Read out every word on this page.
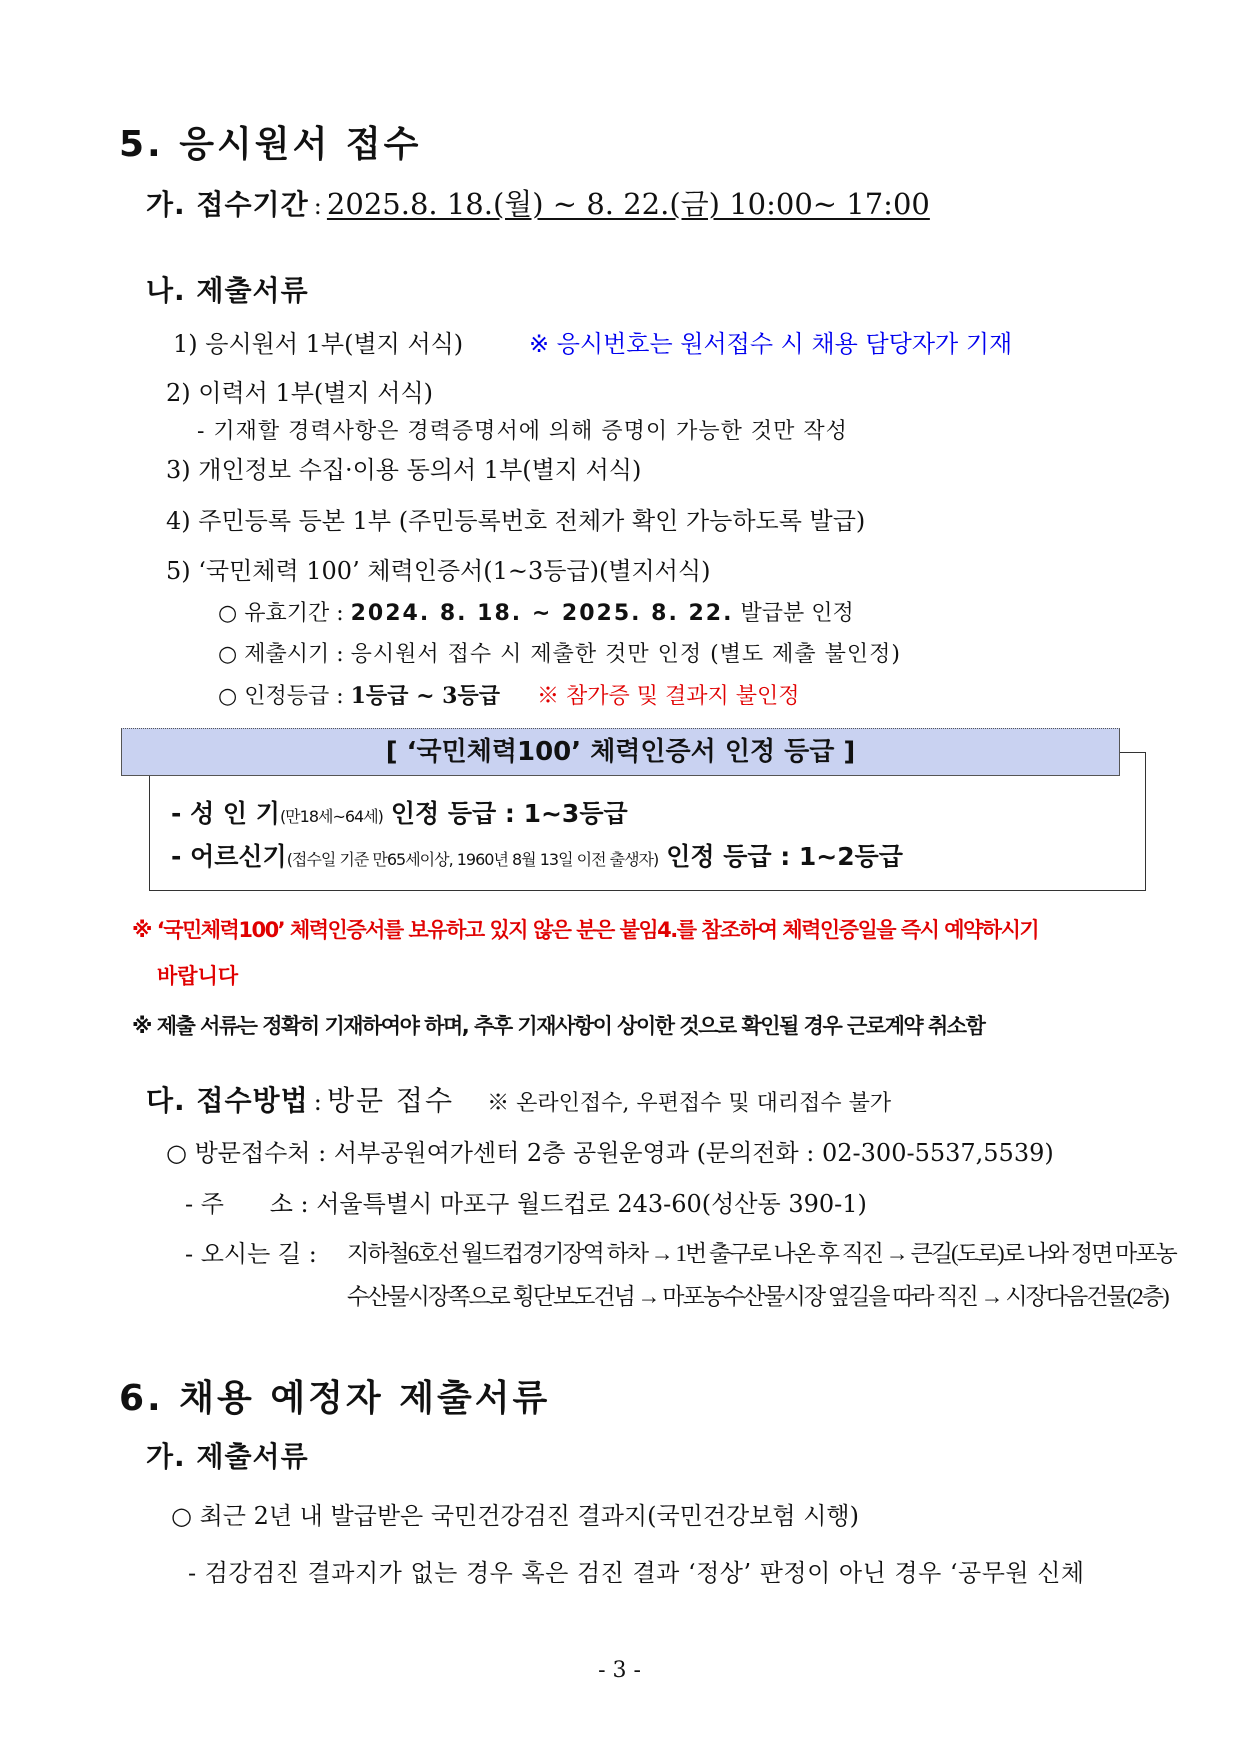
5. 응시원서 접수
가. 접수기간 : 2025.8. 18.(월) ~ 8. 22.(금) 10:00~ 17:00
나. 제출서류
1) 응시원서 1부(별지 서식)	※ 응시번호는 원서접수 시 채용 담당자가 기재
2) 이력서 1부(별지 서식)
- 기재할 경력사항은 경력증명서에 의해 증명이 가능한 것만 작성
3) 개인정보 수집·이용 동의서 1부(별지 서식)
4) 주민등록 등본 1부 (주민등록번호 전체가 확인 가능하도록 발급)
5) ‘국민체력 100’ 체력인증서(1~3등급)(별지서식)
○ 유효기간 : 2024. 8. 18. ~ 2025. 8. 22. 발급분 인정
○ 제출시기 : 응시원서 접수 시 제출한 것만 인정 (별도 제출 불인정)
○ 인정등급 : 1등급 ~ 3등급 ※ 참가증 및 결과지 불인정
[ ‘국민체력100’ 체력인증서 인정 등급 ]
- 성 인 기(만18세~64세) 인정 등급 : 1~3등급
- 어르신기(접수일 기준 만65세이상, 1960년 8월 13일 이전 출생자) 인정 등급 : 1~2등급
※ ‘국민체력100’ 체력인증서를 보유하고 있지 않은 분은 붙임4.를 참조하여 체력인증일을 즉시 예약하시기
바랍니다
※ 제출 서류는 정확히 기재하여야 하며, 추후 기재사항이 상이한 것으로 확인될 경우 근로계약 취소함
다. 접수방법 : 방문 접수 ※ 온라인접수, 우편접수 및 대리접수 불가
○ 방문접수처 : 서부공원여가센터 2층 공원운영과 (문의전화 : 02-300-5537,5539)
- 주      소 : 서울특별시 마포구 월드컵로 243-60(성산동 390-1)
- 오시는 길 : 지하철6호선 월드컵경기장역 하차 → 1번 출구로 나온 후 직진 → 큰길(도로)로 나와 정면 마포농
수산물시장쪽으로 횡단보도건넘 → 마포농수산물시장 옆길을 따라 직진 → 시장다음건물(2층)
6. 채용 예정자 제출서류
가. 제출서류
○ 최근 2년 내 발급받은 국민건강검진 결과지(국민건강보험 시행)
- 검강검진 결과지가 없는 경우 혹은 검진 결과 ‘정상’ 판정이 아닌 경우 ‘공무원 신체
- 3 -
